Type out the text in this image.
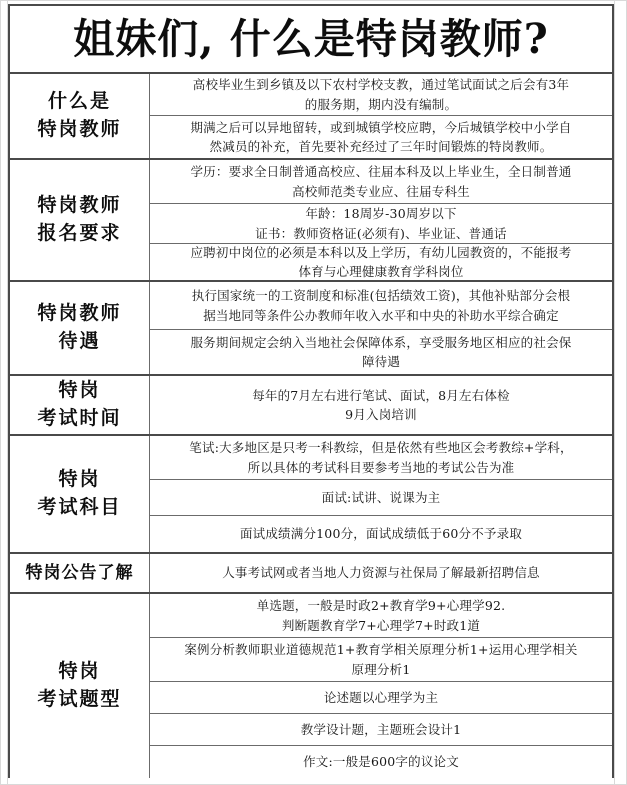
姐妹们, 什么是特岗教师?
什么是
特岗教师
高校毕业生到乡镇及以下农村学校支教，通过笔试面试之后会有3年
的服务期，期内没有编制。
期满之后可以异地留转，或到城镇学校应聘，今后城镇学校中小学自
然减员的补充，首先要补充经过了三年时间锻炼的特岗教师。
特岗教师
报名要求
学历：要求全日制普通高校应、往届本科及以上毕业生，全日制普通
高校师范类专业应、往届专科生
年龄：18周岁-30周岁以下
证书：教师资格证(必须有)、毕业证、普通话
应聘初中岗位的必须是本科以及上学历，有幼儿园教资的，不能报考
体育与心理健康教育学科岗位
特岗教师
待遇
执行国家统一的工资制度和标准(包括绩效工资)，其他补贴部分会根
据当地同等条件公办教师年收入水平和中央的补助水平综合确定
服务期间规定会纳入当地社会保障体系，享受服务地区相应的社会保
障待遇
特岗
考试时间
每年的7月左右进行笔试、面试，8月左右体检
9月入岗培训
特岗
考试科目
笔试:大多地区是只考一科教综，但是依然有些地区会考教综+学科，
所以具体的考试科目要参考当地的考试公告为准
面试:试讲、说课为主
面试成绩满分100分，面试成绩低于60分不予录取
特岗公告了解	人事考试网或者当地人力资源与社保局了解最新招聘信息
特岗
考试题型
单选题，一般是时政2+教育学9+心理学92.
判断题教育学7+心理学7+时政1道
案例分析教师职业道德规范1+教育学相关原理分析1+运用心理学相关
原理分析1
论述题以心理学为主
教学设计题，主题班会设计1
作文:一般是600字的议论文
